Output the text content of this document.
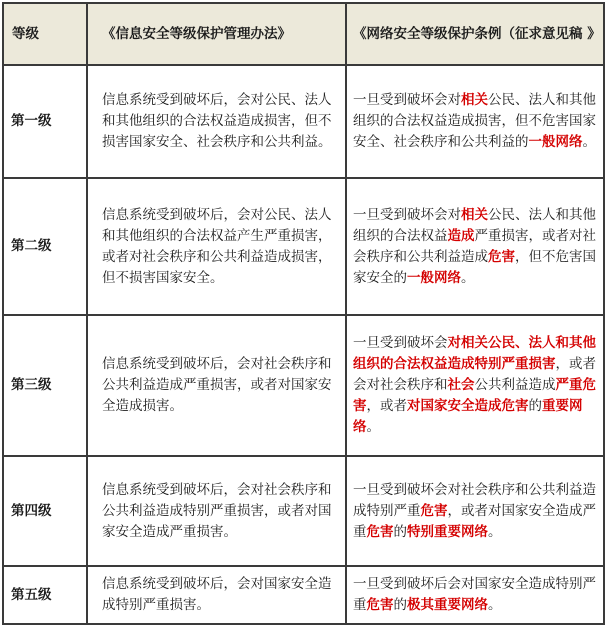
等级	《信息安全等级保护管理办法》	《网络安全等级保护条例（征求意见稿 》
第一级	信息系统受到破坏后，会对公民、法人和其他组织的合法权益造成损害，但不损害国家安全、社会秩序和公共利益。	一旦受到破坏会对相关公民、法人和其他组织的合法权益造成损害，但不危害国家安全、社会秩序和公共利益的一般网络。
第二级	信息系统受到破坏后，会对公民、法人和其他组织的合法权益产生严重损害，或者对社会秩序和公共利益造成损害，但不损害国家安全。	一旦受到破坏会对相关公民、法人和其他组织的合法权益造成严重损害，或者对社会秩序和公共利益造成危害，但不危害国家安全的一般网络。
第三级	信息系统受到破坏后，会对社会秩序和公共利益造成严重损害，或者对国家安全造成损害。	一旦受到破坏会对相关公民、法人和其他组织的合法权益造成特别严重损害，或者会对社会秩序和社会公共利益造成严重危害，或者对国家安全造成危害的重要网络。
第四级	信息系统受到破坏后，会对社会秩序和公共利益造成特别严重损害，或者对国家安全造成严重损害。	一旦受到破坏会对社会秩序和公共利益造成特别严重危害，或者对国家安全造成严重危害的特别重要网络。
第五级	信息系统受到破坏后，会对国家安全造成特别严重损害。	一旦受到破坏后会对国家安全造成特别严重危害的极其重要网络。
